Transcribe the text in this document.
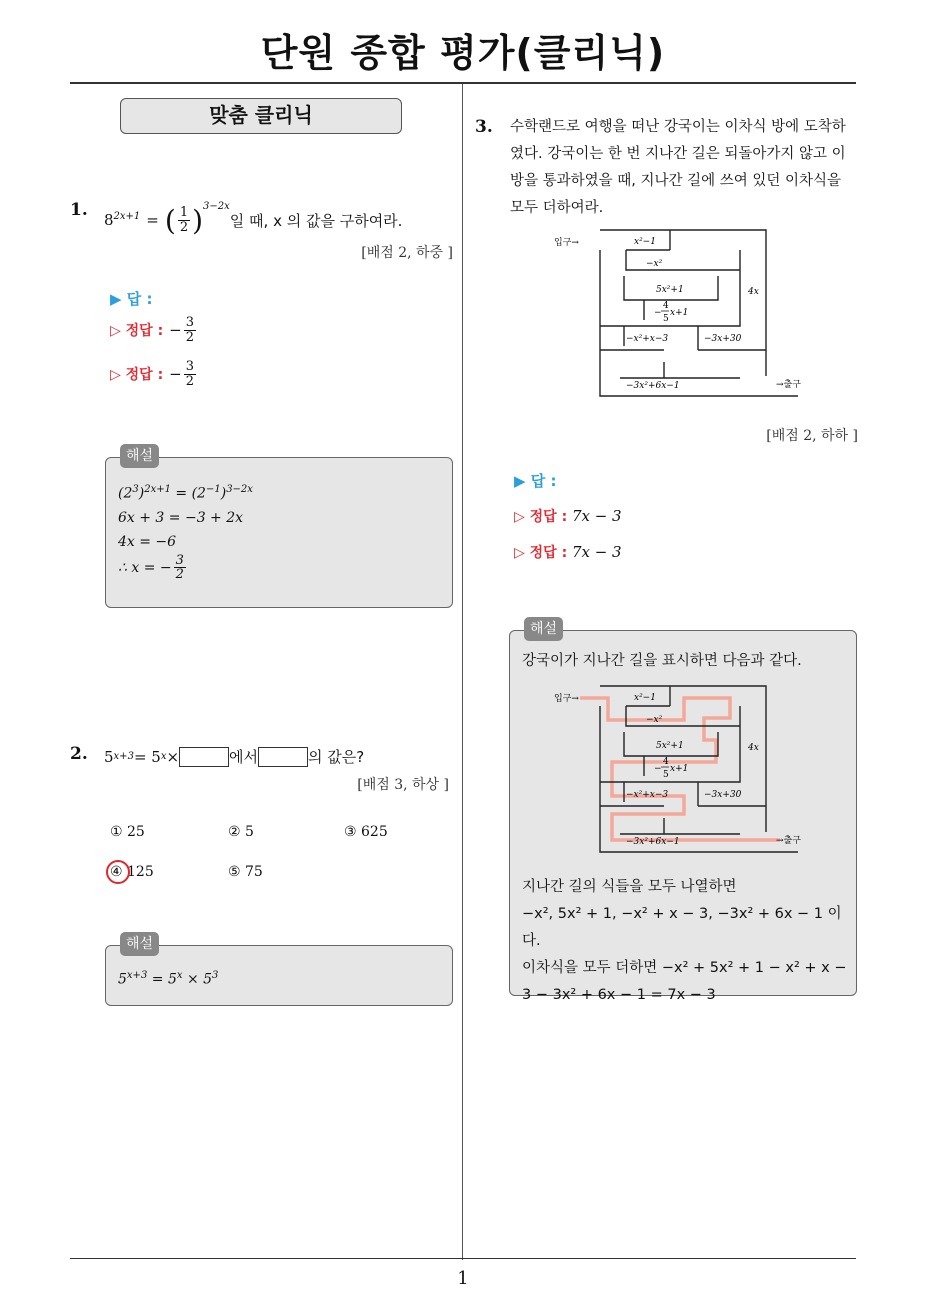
단원 종합 평가(클리닉)
1
맞춤 클리닉
1. $8^{2x+1}$ = ( $\frac{1}{2} )^{3-2x}$
일 때, x 의 값을 구하여라.
[배점 2, 하중 ]
▶ 답 :
▷ 정답 : − $\frac{3}{2}$
▷ 정답 : − $\frac{3}{2}$
해설
$(2^3)^{2x+1} = (2^{-1})^{3-2x}$
6x + 3 = −3 + 2x
4x = −6
∴ x = − $\frac{3}{2}$
2. 5 x+3 = 5 x ×	에서	의 값은?
[배점 3, 하상 ]
① 25	② 5	③ 625
④ 125	⑤ 75
해설
$5^{x+3} = 5^x \times 5^3$
3. 수학랜드로 여행을 떠난 강국이는 이차식 방에 도착하
였다. 강국이는 한 번 지나간 길은 되돌아가지 않고 이
방을 통과하였을 때, 지나간 길에 쓰여 있던 이차식을
모두 더하여라.
입구→	x²−1
−x²
5x²+1
−
4
5
x+1
−x²+x−3	−3x+30
−3x²+6x−1
4x
→출구
[배점 2, 하하 ]
▶ 답 :
▷ 정답 : 7x − 3
▷ 정답 : 7x − 3
해설
강국이가 지나간 길을 표시하면 다음과 같다.
입구→	x²−1
−x²
5x²+1
−
4
5
x+1
−x²+x−3	−3x+30
−3x²+6x−1
4x
→출구
지나간 길의 식들을 모두 나열하면
−x², 5x² + 1, −x² + x − 3, −3x² + 6x − 1 이다.
이차식을 모두 더하면 −x² + 5x² + 1 − x² + x −
3 − 3x² + 6x − 1 = 7x − 3
